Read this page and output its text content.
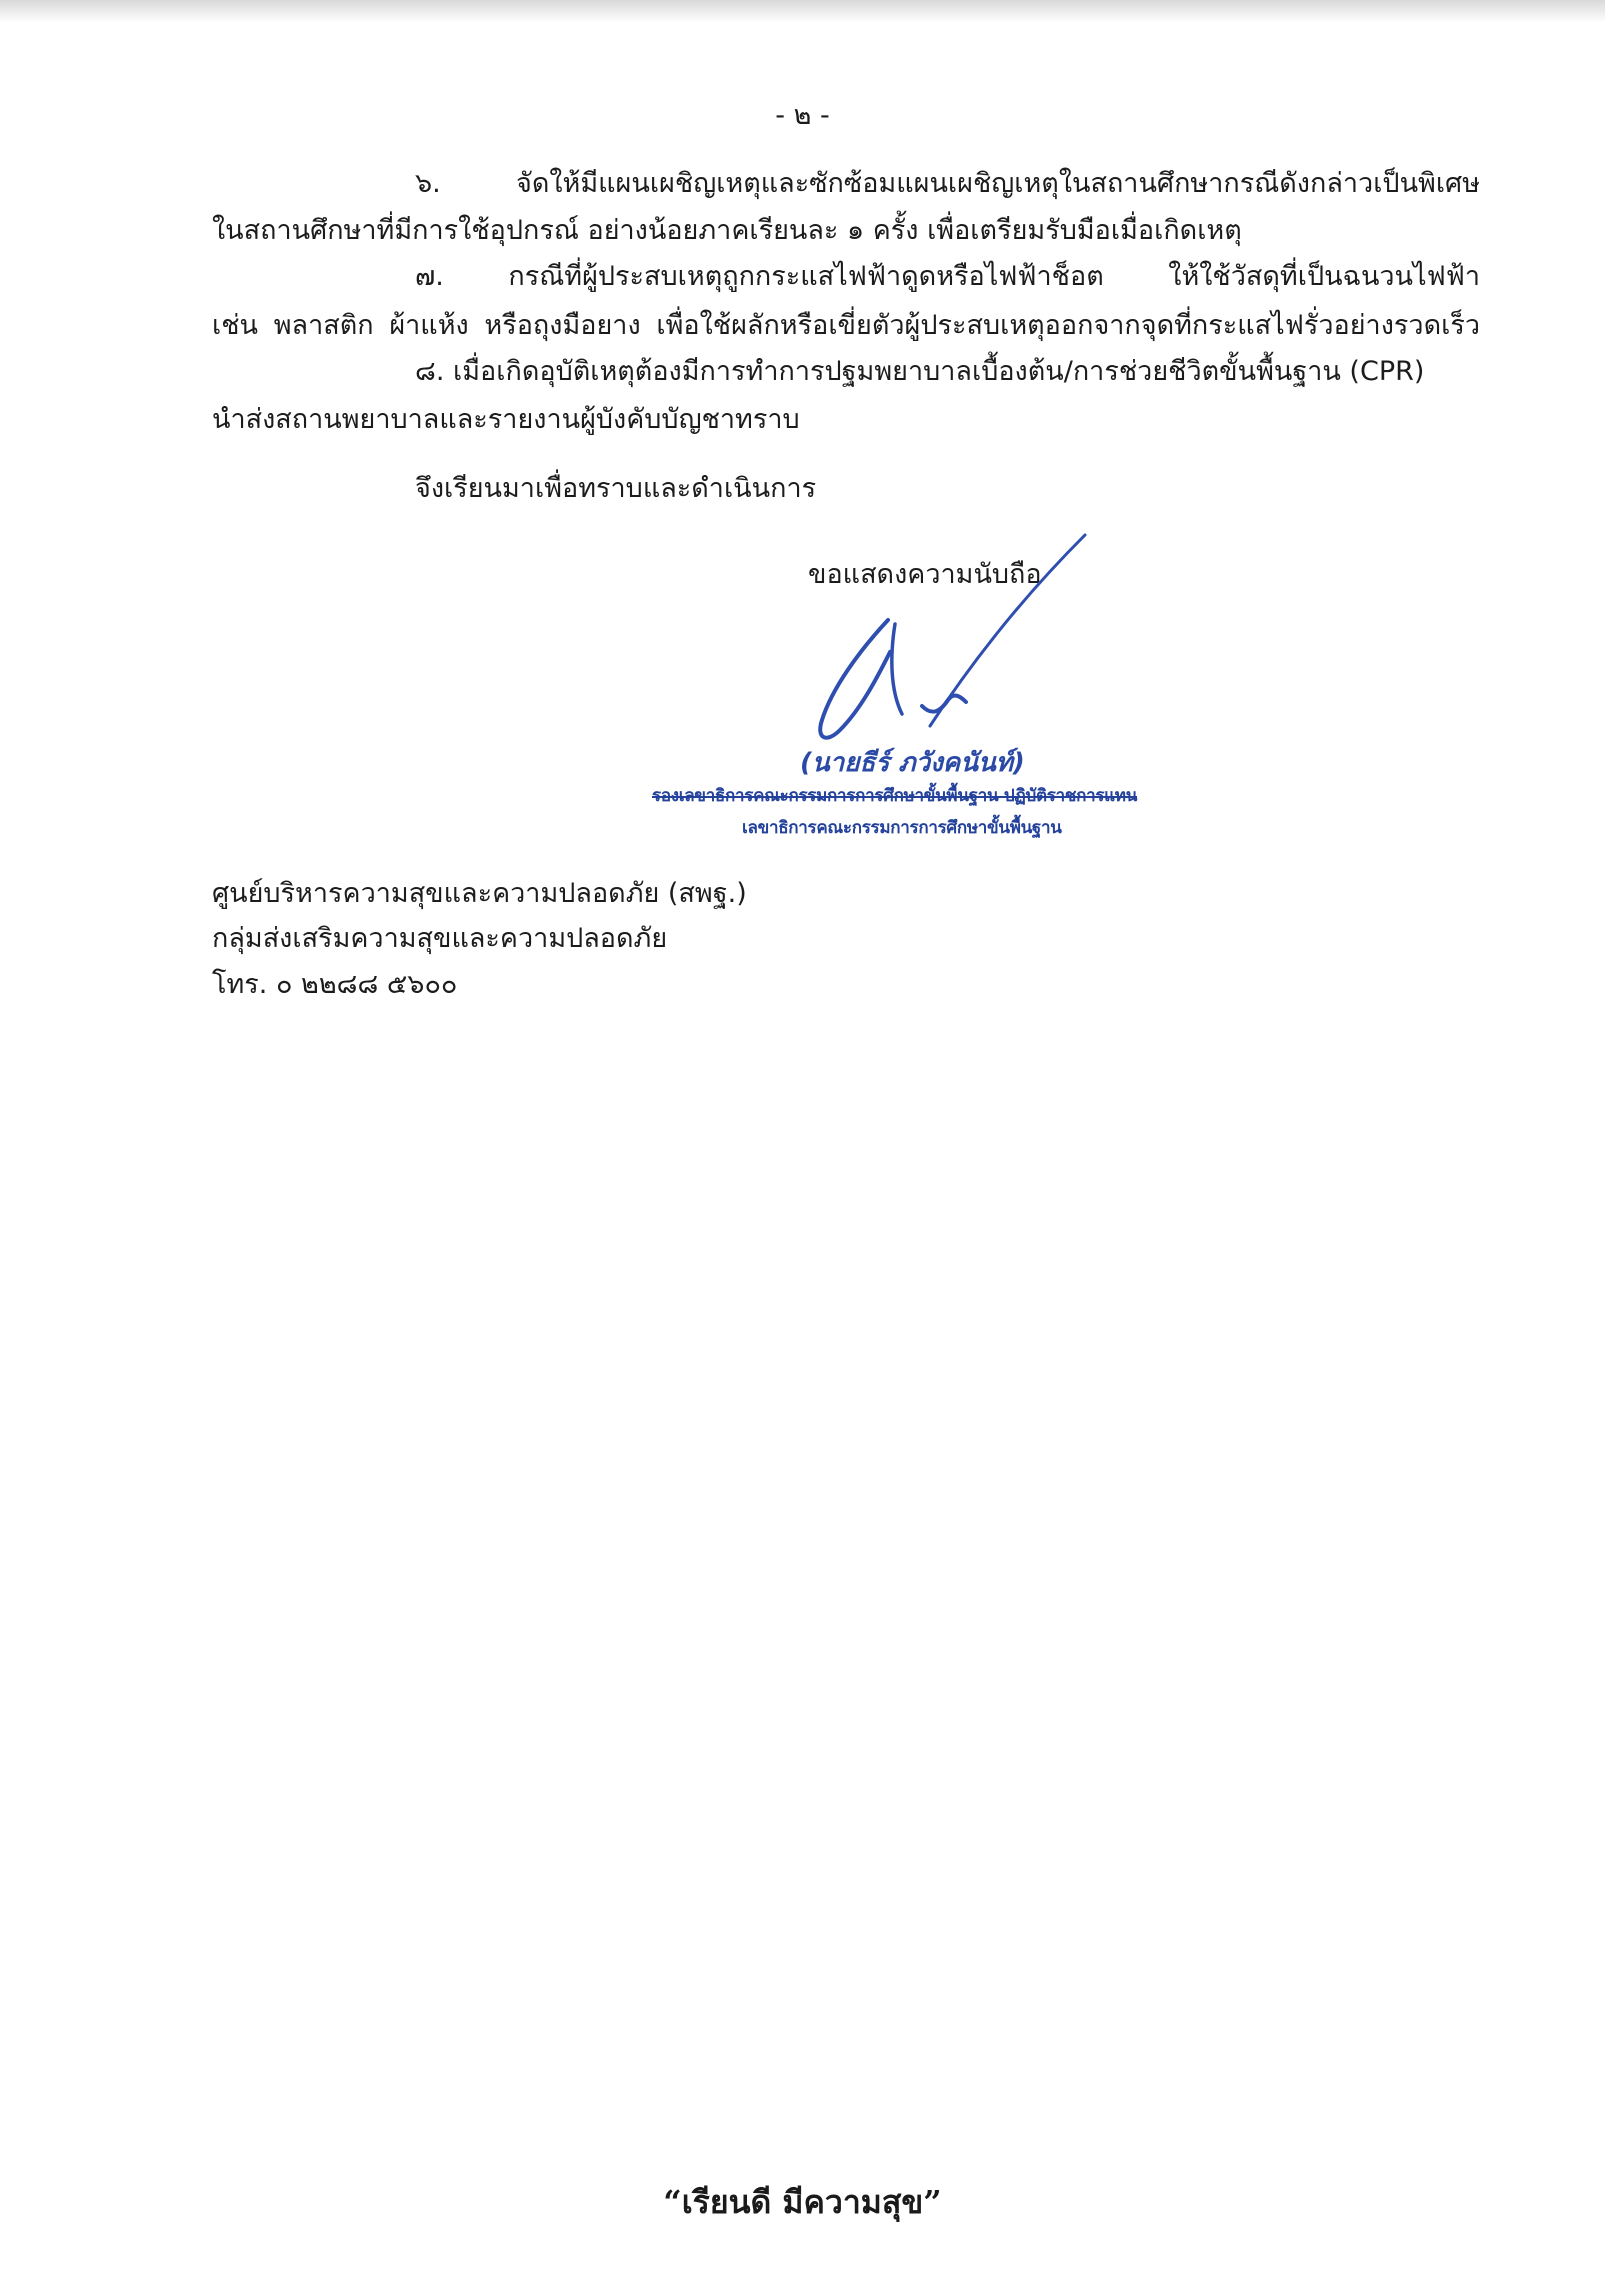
- ๒ -
๖. จัดให้มีแผนเผชิญเหตุและซักซ้อมแผนเผชิญเหตุในสถานศึกษากรณีดังกล่าวเป็นพิเศษ
ในสถานศึกษาที่มีการใช้อุปกรณ์ อย่างน้อยภาคเรียนละ ๑ ครั้ง เพื่อเตรียมรับมือเมื่อเกิดเหตุ
๗. กรณีที่ผู้ประสบเหตุถูกกระแสไฟฟ้าดูดหรือไฟฟ้าช็อต ให้ใช้วัสดุที่เป็นฉนวนไฟฟ้า
เช่น พลาสติก ผ้าแห้ง หรือถุงมือยาง เพื่อใช้ผลักหรือเขี่ยตัวผู้ประสบเหตุออกจากจุดที่กระแสไฟรั่วอย่างรวดเร็ว
๘. เมื่อเกิดอุบัติเหตุต้องมีการทำการปฐมพยาบาลเบื้องต้น/การช่วยชีวิตขั้นพื้นฐาน (CPR)
นำส่งสถานพยาบาลและรายงานผู้บังคับบัญชาทราบ
จึงเรียนมาเพื่อทราบและดำเนินการ
ขอแสดงความนับถือ
(นายธีร์ ภวังคนันท์)
รองเลขาธิการคณะกรรมการการศึกษาขั้นพื้นฐาน ปฏิบัติราชการแทน
เลขาธิการคณะกรรมการการศึกษาขั้นพื้นฐาน
ศูนย์บริหารความสุขและความปลอดภัย (สพฐ.)
กลุ่มส่งเสริมความสุขและความปลอดภัย
โทร. ๐ ๒๒๘๘ ๕๖๐๐
“เรียนดี มีความสุข”
